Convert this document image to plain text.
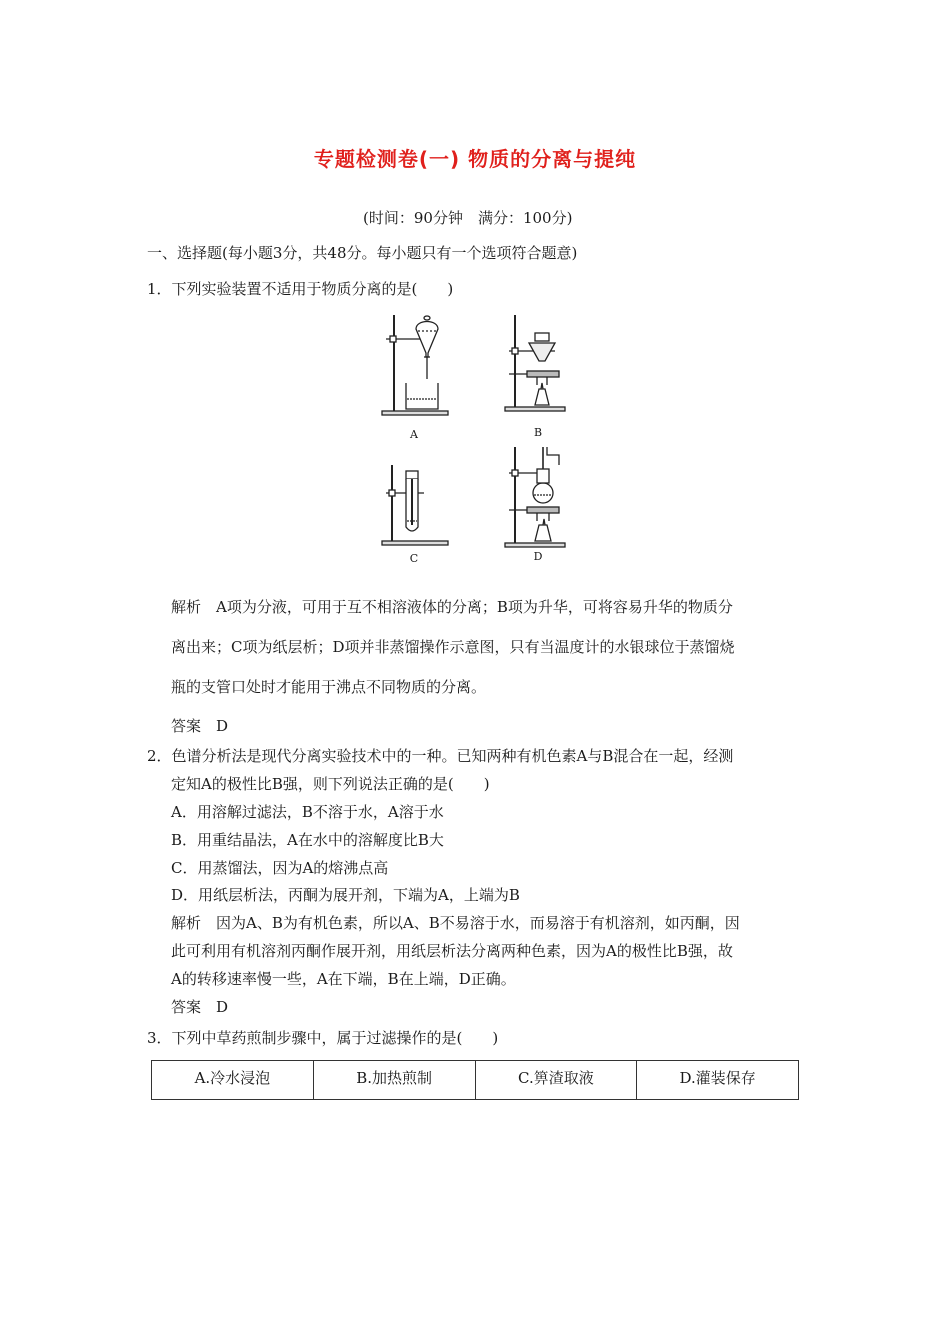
专题检测卷(一) 物质的分离与提纯
(时间：90分钟　满分：100分)
一、选择题(每小题3分，共48分。每小题只有一个选项符合题意)
1．下列实验装置不适用于物质分离的是(　　)
A	B
C	D
解析　A项为分液，可用于互不相溶液体的分离；B项为升华，可将容易升华的物质分
离出来；C项为纸层析；D项并非蒸馏操作示意图，只有当温度计的水银球位于蒸馏烧
瓶的支管口处时才能用于沸点不同物质的分离。
答案　D
2．色谱分析法是现代分离实验技术中的一种。已知两种有机色素A与B混合在一起，经测
定知A的极性比B强，则下列说法正确的是(　　)
A．用溶解过滤法，B不溶于水，A溶于水
B．用重结晶法，A在水中的溶解度比B大
C．用蒸馏法，因为A的熔沸点高
D．用纸层析法，丙酮为展开剂，下端为A，上端为B
解析　因为A、B为有机色素，所以A、B不易溶于水，而易溶于有机溶剂，如丙酮，因
此可利用有机溶剂丙酮作展开剂，用纸层析法分离两种色素，因为A的极性比B强，故
A的转移速率慢一些，A在下端，B在上端，D正确。
答案　D
3．下列中草药煎制步骤中，属于过滤操作的是(　　)
A.冷水浸泡	B.加热煎制	C.箅渣取液	D.灌装保存
